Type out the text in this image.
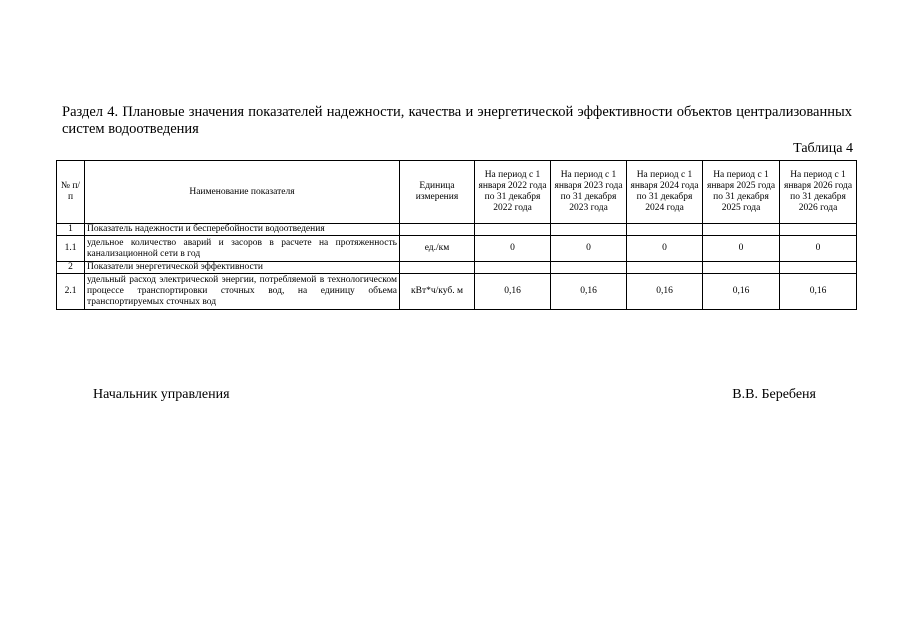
Раздел 4. Плановые значения показателей надежности, качества и энергетической эффективности объектов централизованных систем водоотведения
Таблица 4
№ п/п	Наименование показателя	Единица измерения	На период с 1 января 2022 года по 31 декабря 2022 года	На период с 1 января 2023 года по 31 декабря 2023 года	На период с 1 января 2024 года по 31 декабря 2024 года	На период с 1 января 2025 года по 31 декабря 2025 года	На период с 1 января 2026 года по 31 декабря 2026 года
1	Показатель надежности и бесперебойности водоотведения						
1.1	удельное количество аварий и засоров в расчете на протяженность канализационной сети в год	ед./км	0	0	0	0	0
2	Показатели энергетической эффективности						
2.1	удельный расход электрической энергии, потребляемой в технологическом процессе транспортировки сточных вод, на единицу объема транспортируемых сточных вод	кВт*ч/куб. м	0,16	0,16	0,16	0,16	0,16
Начальник управления	В.В. Беребеня
